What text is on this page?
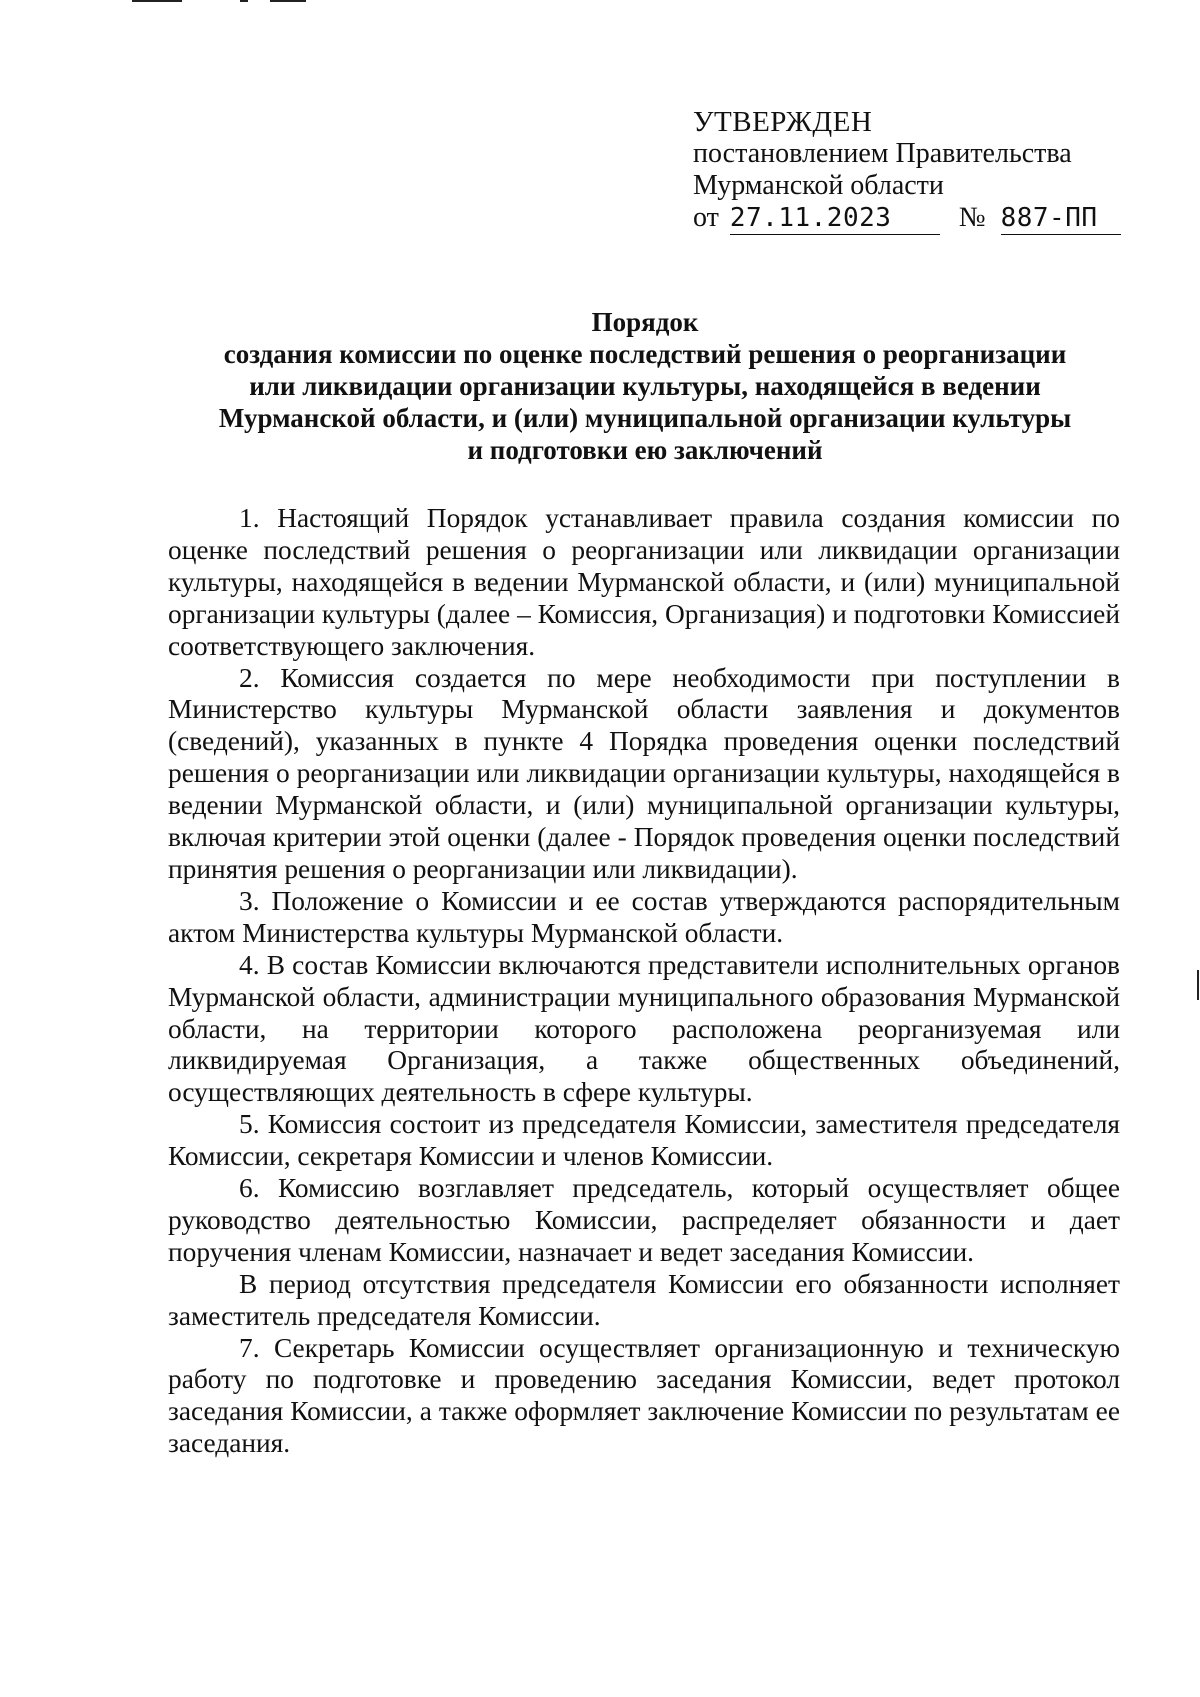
УТВЕРЖДЕН
постановлением Правительства
Мурманской области
от 27.11.2023 № 887-ПП
Порядок
создания комиссии по оценке последствий решения о реорганизации
или ликвидации организации культуры, находящейся в ведении
Мурманской области, и (или) муниципальной организации культуры
и подготовки ею заключений

1. Настоящий Порядок устанавливает правила создания комиссии по оценке последствий решения о реорганизации или ликвидации организации культуры, находящейся в ведении Мурманской области, и (или) муниципальной организации культуры (далее – Комиссия, Организация) и подготовки Комиссией соответствующего заключения.

2. Комиссия создается по мере необходимости при поступлении в Министерство культуры Мурманской области заявления и документов (сведений), указанных в пункте 4 Порядка проведения оценки последствий решения о реорганизации или ликвидации организации культуры, находящейся в ведении Мурманской области, и (или) муниципальной организации культуры, включая критерии этой оценки (далее - Порядок проведения оценки последствий принятия решения о реорганизации или ликвидации).

3. Положение о Комиссии и ее состав утверждаются распорядительным актом Министерства культуры Мурманской области.

4. В состав Комиссии включаются представители исполнительных органов Мурманской области, администрации муниципального образования Мурманской области, на территории которого расположена реорганизуемая или ликвидируемая Организация, а также общественных объединений, осуществляющих деятельность в сфере культуры.

5. Комиссия состоит из председателя Комиссии, заместителя председателя Комиссии, секретаря Комиссии и членов Комиссии.

6. Комиссию возглавляет председатель, который осуществляет общее руководство деятельностью Комиссии, распределяет обязанности и дает поручения членам Комиссии, назначает и ведет заседания Комиссии.

В период отсутствия председателя Комиссии его обязанности исполняет заместитель председателя Комиссии.

7. Секретарь Комиссии осуществляет организационную и техническую работу по подготовке и проведению заседания Комиссии, ведет протокол заседания Комиссии, а также оформляет заключение Комиссии по результатам ее заседания.
